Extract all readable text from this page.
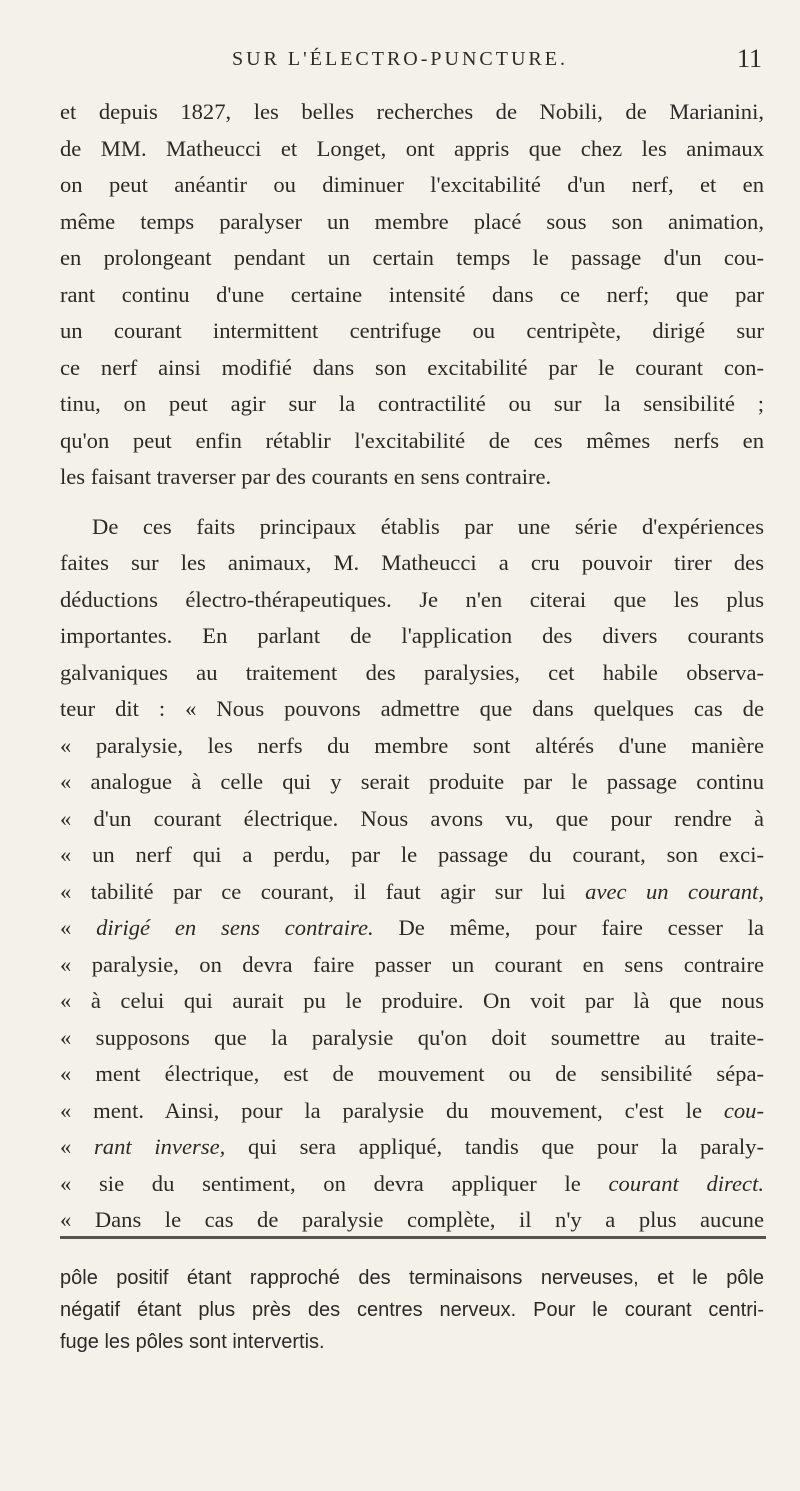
SUR L'ÉLECTRO-PUNCTURE.	11
et depuis 1827, les belles recherches de Nobili, de Marianini,
de MM. Matheucci et Longet, ont appris que chez les animaux
on peut anéantir ou diminuer l'excitabilité d'un nerf, et en
même temps paralyser un membre placé sous son animation,
en prolongeant pendant un certain temps le passage d'un cou-
rant continu d'une certaine intensité dans ce nerf; que par
un courant intermittent centrifuge ou centripète, dirigé sur
ce nerf ainsi modifié dans son excitabilité par le courant con-
tinu, on peut agir sur la contractilité ou sur la sensibilité ;
qu'on peut enfin rétablir l'excitabilité de ces mêmes nerfs en
les faisant traverser par des courants en sens contraire.
De ces faits principaux établis par une série d'expériences
faites sur les animaux, M. Matheucci a cru pouvoir tirer des
déductions électro-thérapeutiques. Je n'en citerai que les plus
importantes. En parlant de l'application des divers courants
galvaniques au traitement des paralysies, cet habile observa-
teur dit : « Nous pouvons admettre que dans quelques cas de
« paralysie, les nerfs du membre sont altérés d'une manière
« analogue à celle qui y serait produite par le passage continu
« d'un courant électrique. Nous avons vu, que pour rendre à
« un nerf qui a perdu, par le passage du courant, son exci-
« tabilité par ce courant, il faut agir sur lui avec un courant,
« dirigé en sens contraire. De même, pour faire cesser la
« paralysie, on devra faire passer un courant en sens contraire
« à celui qui aurait pu le produire. On voit par là que nous
« supposons que la paralysie qu'on doit soumettre au traite-
« ment électrique, est de mouvement ou de sensibilité sépa-
« ment. Ainsi, pour la paralysie du mouvement, c'est le cou-
« rant inverse, qui sera appliqué, tandis que pour la paraly-
« sie du sentiment, on devra appliquer le courant direct.
« Dans le cas de paralysie complète, il n'y a plus aucune
pôle positif étant rapproché des terminaisons nerveuses, et le pôle
négatif étant plus près des centres nerveux. Pour le courant centri-
fuge les pôles sont intervertis.
